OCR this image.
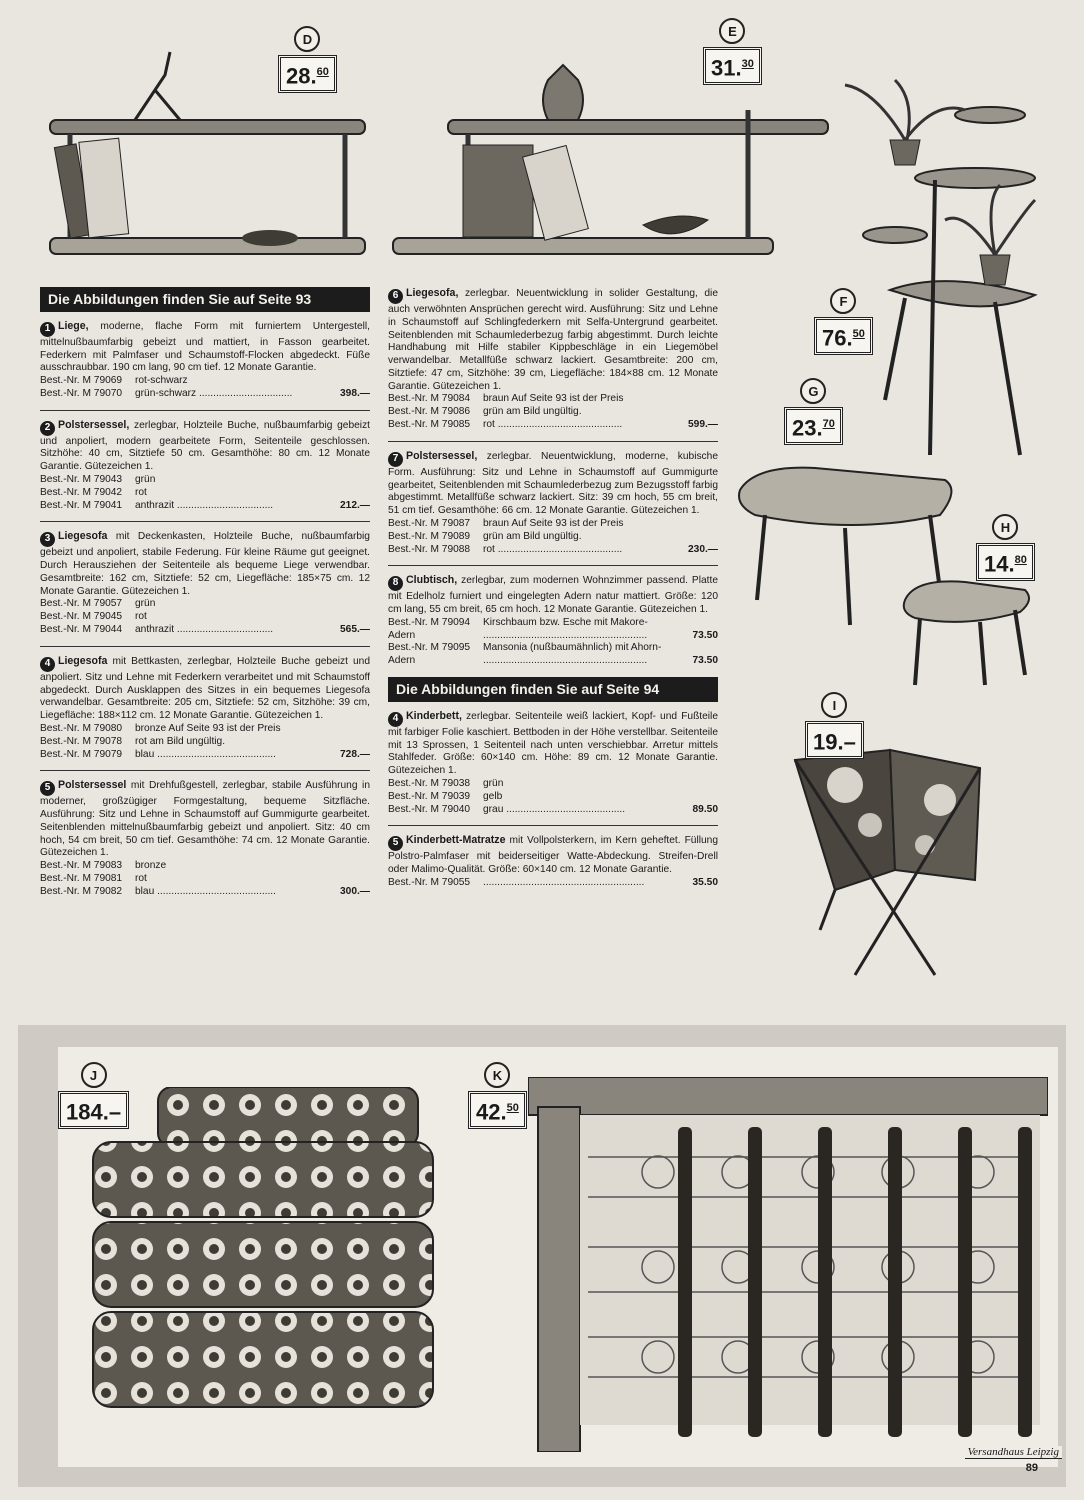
D
28.60
E
31.30
F
76.50
G
23.70
H
14.80
I
19.–
Die Abbildungen finden Sie auf Seite 93

1 Liege, moderne, flache Form mit furniertem Untergestell, mittelnußbaumfarbig gebeizt und mattiert, in Fasson gearbeitet. Federkern mit Palmfaser und Schaumstoff-Flocken abgedeckt. Füße ausschraubbar. 190 cm lang, 90 cm tief. 12 Monate Garantie.

Best.-Nr. M 79069	rot-schwarz
Best.-Nr. M 79070	grün-schwarz .................................	398.—

2 Polstersessel, zerlegbar, Holzteile Buche, nußbaumfarbig gebeizt und anpoliert, modern gearbeitete Form, Seitenteile geschlossen. Sitzhöhe: 40 cm, Sitztiefe 50 cm. Gesamthöhe: 80 cm. 12 Monate Garantie. Gütezeichen 1.

Best.-Nr. M 79043	grün
Best.-Nr. M 79042	rot
Best.-Nr. M 79041	anthrazit ..................................	212.—

3 Liegesofa mit Deckenkasten, Holzteile Buche, nußbaumfarbig gebeizt und anpoliert, stabile Federung. Für kleine Räume gut geeignet. Durch Herausziehen der Seitenteile als bequeme Liege verwendbar. Gesamtbreite: 162 cm, Sitztiefe: 52 cm, Liegefläche: 185×75 cm. 12 Monate Garantie. Gütezeichen 1.

Best.-Nr. M 79057	grün
Best.-Nr. M 79045	rot
Best.-Nr. M 79044	anthrazit ..................................	565.—

4 Liegesofa mit Bettkasten, zerlegbar, Holzteile Buche gebeizt und anpoliert. Sitz und Lehne mit Federkern verarbeitet und mit Schaumstoff abgedeckt. Durch Ausklappen des Sitzes in ein bequemes Liegesofa verwandelbar. Gesamtbreite: 205 cm, Sitztiefe: 52 cm, Sitzhöhe: 39 cm, Liegefläche: 188×112 cm. 12 Monate Garantie. Gütezeichen 1.

Best.-Nr. M 79080	bronze Auf Seite 93 ist der Preis
Best.-Nr. M 79078	rot am Bild ungültig.
Best.-Nr. M 79079	blau ..........................................	728.—

5 Polstersessel mit Drehfußgestell, zerlegbar, stabile Ausführung in moderner, großzügiger Formgestaltung, bequeme Sitzfläche. Ausführung: Sitz und Lehne in Schaumstoff auf Gummigurte gearbeitet. Seitenblenden mittelnußbaumfarbig gebeizt und anpoliert. Sitz: 40 cm hoch, 54 cm breit, 50 cm tief. Gesamthöhe: 74 cm. 12 Monate Garantie. Gütezeichen 1.

Best.-Nr. M 79083	bronze
Best.-Nr. M 79081	rot
Best.-Nr. M 79082	blau ..........................................	300.—

6 Liegesofa, zerlegbar. Neuentwicklung in solider Gestaltung, die auch verwöhnten Ansprüchen gerecht wird. Ausführung: Sitz und Lehne in Schaumstoff auf Schlingfederkern mit Selfa-Untergrund gearbeitet. Seitenblenden mit Schaumlederbezug farbig abgestimmt. Durch leichte Handhabung mit Hilfe stabiler Kippbeschläge in ein Liegemöbel verwandelbar. Metallfüße schwarz lackiert. Gesamtbreite: 200 cm, Sitztiefe: 47 cm, Sitzhöhe: 39 cm, Liegefläche: 184×88 cm. 12 Monate Garantie. Gütezeichen 1.

Best.-Nr. M 79084	braun Auf Seite 93 ist der Preis
Best.-Nr. M 79086	grün am Bild ungültig.
Best.-Nr. M 79085	rot ............................................	599.—

7 Polstersessel, zerlegbar. Neuentwicklung, moderne, kubische Form. Ausführung: Sitz und Lehne in Schaumstoff auf Gummigurte gearbeitet, Seitenblenden mit Schaumlederbezug zum Bezugsstoff farbig abgestimmt. Metallfüße schwarz lackiert. Sitz: 39 cm hoch, 55 cm breit, 51 cm tief. Gesamthöhe: 66 cm. 12 Monate Garantie. Gütezeichen 1.

Best.-Nr. M 79087	braun Auf Seite 93 ist der Preis
Best.-Nr. M 79089	grün am Bild ungültig.
Best.-Nr. M 79088	rot ............................................	230.—

8 Clubtisch, zerlegbar, zum modernen Wohnzimmer passend. Platte mit Edelholz furniert und eingelegten Adern natur mattiert. Größe: 120 cm lang, 55 cm breit, 65 cm hoch. 12 Monate Garantie. Gütezeichen 1.

Best.-Nr. M 79094	Kirschbaum bzw. Esche mit Makore-
Adern	..........................................................	73.50
Best.-Nr. M 79095	Mansonia (nußbaumähnlich) mit Ahorn-
Adern	..........................................................	73.50
Die Abbildungen finden Sie auf Seite 94

4 Kinderbett, zerlegbar. Seitenteile weiß lackiert, Kopf- und Fußteile mit farbiger Folie kaschiert. Bettboden in der Höhe verstellbar. Seitenteile mit 13 Sprossen, 1 Seitenteil nach unten verschiebbar. Arretur mittels Stahlfeder. Größe: 60×140 cm. Höhe: 89 cm. 12 Monate Garantie. Gütezeichen 1.

Best.-Nr. M 79038	grün
Best.-Nr. M 79039	gelb
Best.-Nr. M 79040	grau ..........................................	89.50

5 Kinderbett-Matratze mit Vollpolsterkern, im Kern geheftet. Füllung Polstro-Palmfaser mit beiderseitiger Watte-Abdeckung. Streifen-Drell oder Malimo-Qualität. Größe: 60×140 cm. 12 Monate Garantie.

Best.-Nr. M 79055	.........................................................	35.50
J
184.–
K
42.50
Versandhaus Leipzig
89
